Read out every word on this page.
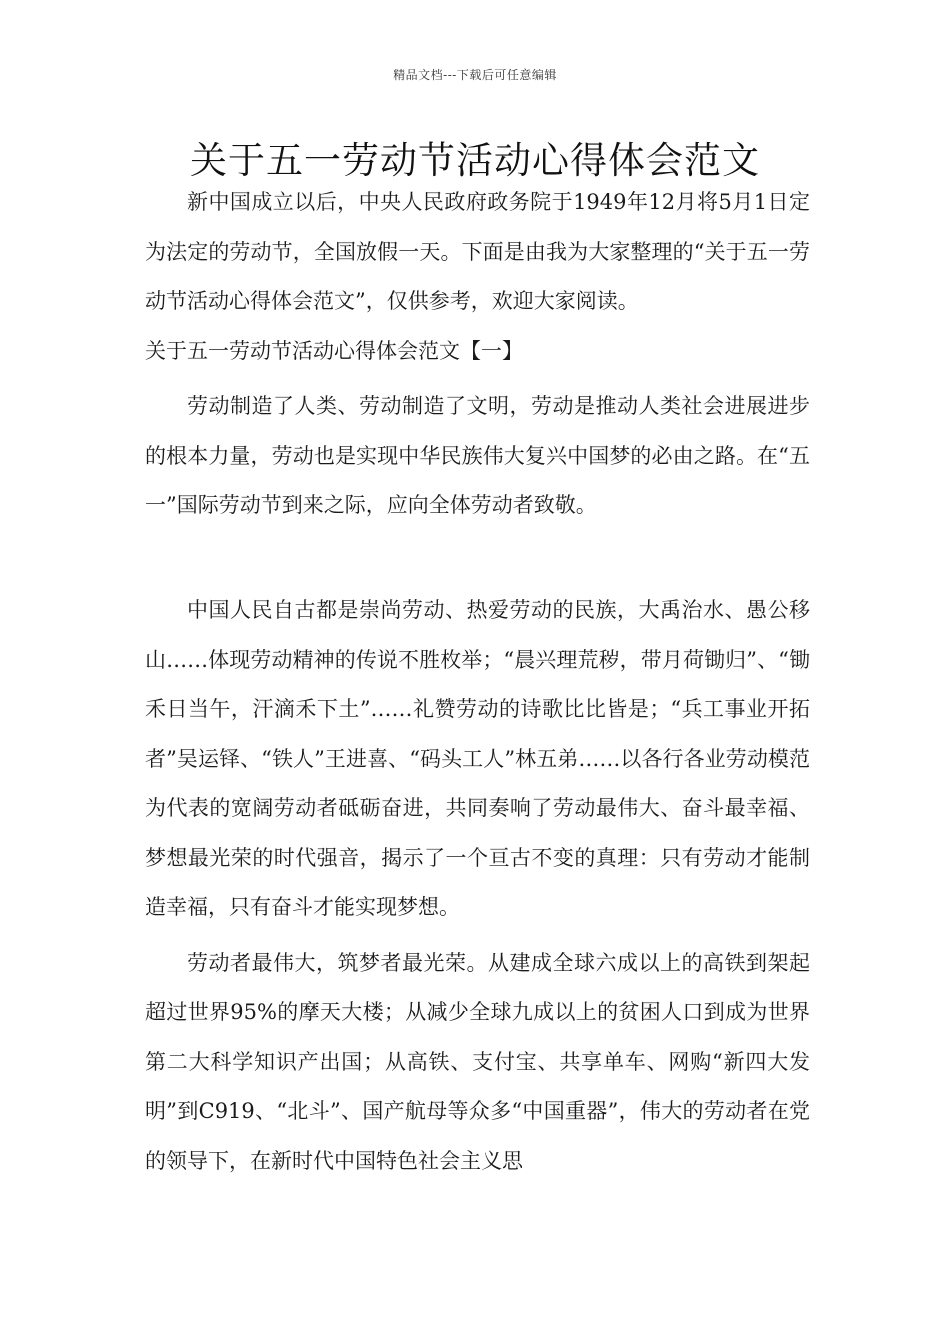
精品文档---下载后可任意编辑
关于五一劳动节活动心得体会范文

新中国成立以后，中央人民政府政务院于1949年12月将5月1日定为法定的劳动节，全国放假一天。下面是由我为大家整理的“关于五一劳动节活动心得体会范文”，仅供参考，欢迎大家阅读。

关于五一劳动节活动心得体会范文【一】

劳动制造了人类、劳动制造了文明，劳动是推动人类社会进展进步的根本力量，劳动也是实现中华民族伟大复兴中国梦的必由之路。在“五一”国际劳动节到来之际，应向全体劳动者致敬。

中国人民自古都是崇尚劳动、热爱劳动的民族，大禹治水、愚公移山……体现劳动精神的传说不胜枚举；“晨兴理荒秽，带月荷锄归”、“锄禾日当午，汗滴禾下土”……礼赞劳动的诗歌比比皆是；“兵工事业开拓者”吴运铎、“铁人”王进喜、“码头工人”林五弟……以各行各业劳动模范为代表的宽阔劳动者砥砺奋进，共同奏响了劳动最伟大、奋斗最幸福、梦想最光荣的时代强音，揭示了一个亘古不变的真理：只有劳动才能制造幸福，只有奋斗才能实现梦想。

劳动者最伟大，筑梦者最光荣。从建成全球六成以上的高铁到架起超过世界95%的摩天大楼；从减少全球九成以上的贫困人口到成为世界第二大科学知识产出国；从高铁、支付宝、共享单车、网购“新四大发明”到C919、“北斗”、国产航母等众多“中国重器”，伟大的劳动者在党的领导下，在新时代中国特色社会主义思
